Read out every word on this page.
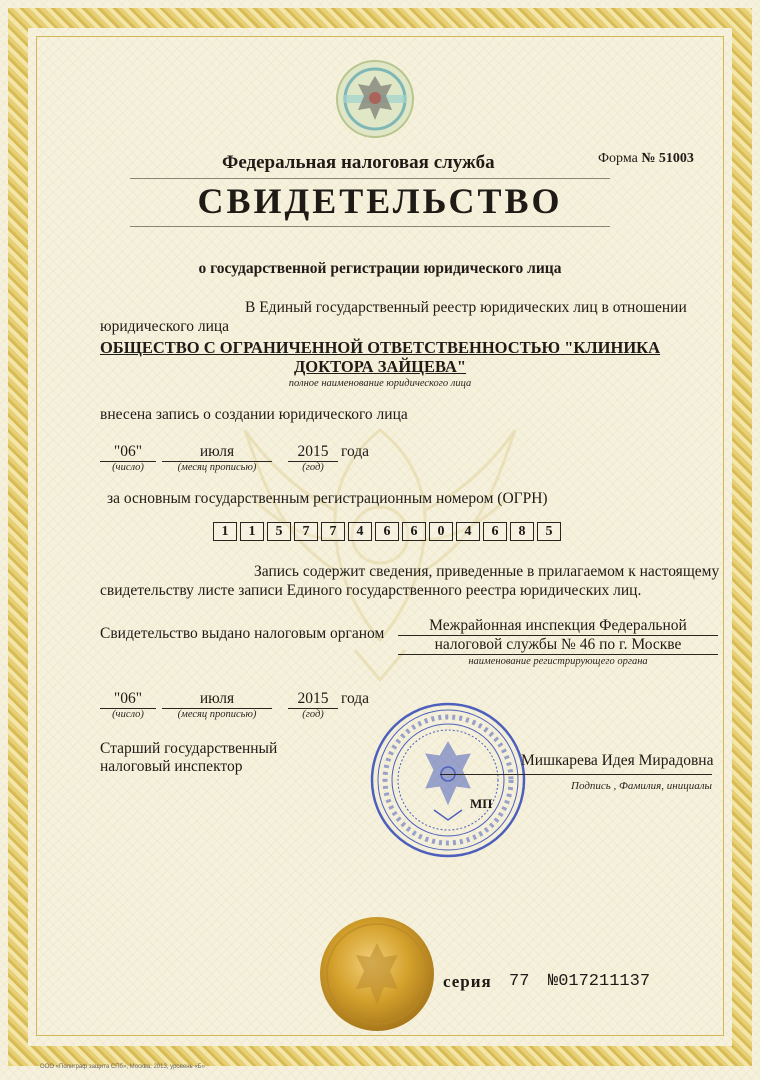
Федеральная налоговая служба	Форма № 51003
СВИДЕТЕЛЬСТВО
о государственной регистрации юридического лица
В Единый государственный реестр юридических лиц в отношении
юридического лица
ОБЩЕСТВО С ОГРАНИЧЕННОЙ ОТВЕТСТВЕННОСТЬЮ "КЛИНИКА
ДОКТОРА ЗАЙЦЕВА"
полное наименование юридического лица
внесена запись о создании юридического лица
"06"	июля	2015 года
(число)	(месяц прописью)	(год)
за основным государственным регистрационным номером (ОГРН)
1	1	5	7	7	4	6	6	0	4	6	8	5
Запись содержит сведения, приведенные в прилагаемом к настоящему
свидетельству листе записи Единого государственного реестра юридических лиц.
Свидетельство выдано налоговым органом	Межрайонная инспекция Федеральной
налоговой службы № 46 по г. Москве
наименование регистрирующего органа
"06"	июля	2015 года
(число)	(месяц прописью)	(год)
Старший государственный
налоговый инспектор	Мишкарева Идея Мирадовна
Подпись , Фамилия, инициалы
МП
серия 77 №017211137
ООО «Полиграф защита СПб», Москва, 2013, уровень «Б»
